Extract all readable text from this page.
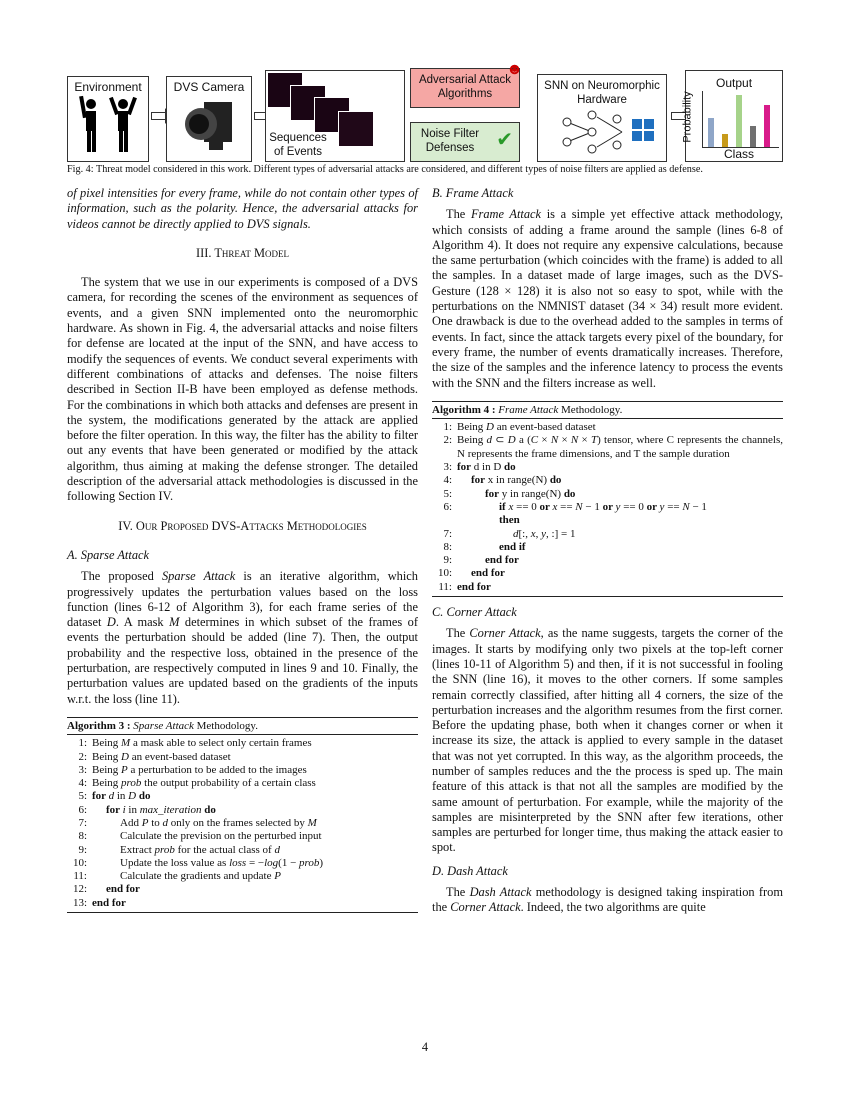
Environment	DVS Camera
Sequences of Events
Adversarial Attack Algorithms
☻
Noise Filter Defenses ✔
SNN on Neuromorphic Hardware
Output
Probability
Class
Fig. 4: Threat model considered in this work. Different types of adversarial attacks are considered, and different types of noise filters are applied as defense.

of pixel intensities for every frame, while do not contain other types of information, such as the polarity. Hence, the adversarial attacks for videos cannot be directly applied to DVS signals.

III. Threat Model

The system that we use in our experiments is composed of a DVS camera, for recording the scenes of the environment as sequences of events, and a given SNN implemented onto the neuromorphic hardware. As shown in Fig. 4, the adversarial attacks and noise filters for defense are located at the input of the SNN, and have access to modify the sequences of events. We conduct several experiments with different combinations of attacks and defenses. The noise filters described in Section II-B have been employed as defense methods. For the combinations in which both attacks and defenses are present in the system, the modifications generated by the attack are applied before the filter operation. In this way, the filter has the ability to filter out any events that have been generated or modified by the attack algorithm, thus aiming at making the defense stronger. The detailed description of the adversarial attack methodologies is discussed in the following Section IV.

IV. Our Proposed DVS-Attacks Methodologies
A. Sparse Attack

The proposed Sparse Attack is an iterative algorithm, which progressively updates the perturbation values based on the loss function (lines 6-12 of Algorithm 3), for each frame series of the dataset D. A mask M determines in which subset of the frames of events the perturbation should be added (line 7). Then, the output probability and the respective loss, obtained in the presence of the perturbation, are respectively computed in lines 9 and 10. Finally, the perturbation values are updated based on the gradients of the inputs w.r.t. the loss (line 11).

Algorithm 3 : Sparse Attack Methodology.
1: Being M a mask able to select only certain frames
2: Being D an event-based dataset
3: Being P a perturbation to be added to the images
4: Being prob the output probability of a certain class
5: for d in D do
6:	for i in max_iteration do
7:	Add P to d only on the frames selected by M
8:	Calculate the prevision on the perturbed input
9:	Extract prob for the actual class of d
10:	Update the loss value as loss = −log(1 − prob)
11:	Calculate the gradients and update P
12:	end for
13: end for
B. Frame Attack

The Frame Attack is a simple yet effective attack methodology, which consists of adding a frame around the sample (lines 6-8 of Algorithm 4). It does not require any expensive calculations, because the same perturbation (which coincides with the frame) is added to all the samples. In a dataset made of large images, such as the DVS-Gesture (128 × 128) it is also not so easy to spot, while with the perturbations on the NMNIST dataset (34 × 34) result more evident. One drawback is due to the overhead added to the samples in terms of events. In fact, since the attack targets every pixel of the boundary, for every frame, the number of events dramatically increases. Therefore, the size of the samples and the inference latency to process the events with the SNN and the filters increase as well.

Algorithm 4 : Frame Attack Methodology.
1: Being D an event-based dataset
2: Being d ⊂ D a (C × N × N × T) tensor, where C represents the channels, N represents the frame dimensions, and T the sample duration
3: for d in D do
4:	for x in range(N) do
5:	for y in range(N) do
6:	if x == 0 or x == N − 1 or y == 0 or y == N − 1
then
7:	d[:, x, y, :] = 1
8:	end if
9:	end for
10:	end for
11: end for
C. Corner Attack

The Corner Attack, as the name suggests, targets the corner of the images. It starts by modifying only two pixels at the top-left corner (lines 10-11 of Algorithm 5) and then, if it is not successful in fooling the SNN (line 16), it moves to the other corners. If some samples remain correctly classified, after hitting all 4 corners, the size of the perturbation increases and the algorithm resumes from the first corner. Before the updating phase, both when it changes corner or when it increase its size, the attack is applied to every sample in the dataset that was not yet corrupted. In this way, as the algorithm proceeds, the number of samples reduces and the the process is sped up. The main feature of this attack is that not all the samples are modified by the same amount of perturbation. For example, while the majority of the samples are misinterpreted by the SNN after few iterations, other samples are perturbed for longer time, thus making the attack easier to spot.

D. Dash Attack

The Dash Attack methodology is designed taking inspiration from the Corner Attack. Indeed, the two algorithms are quite

4
